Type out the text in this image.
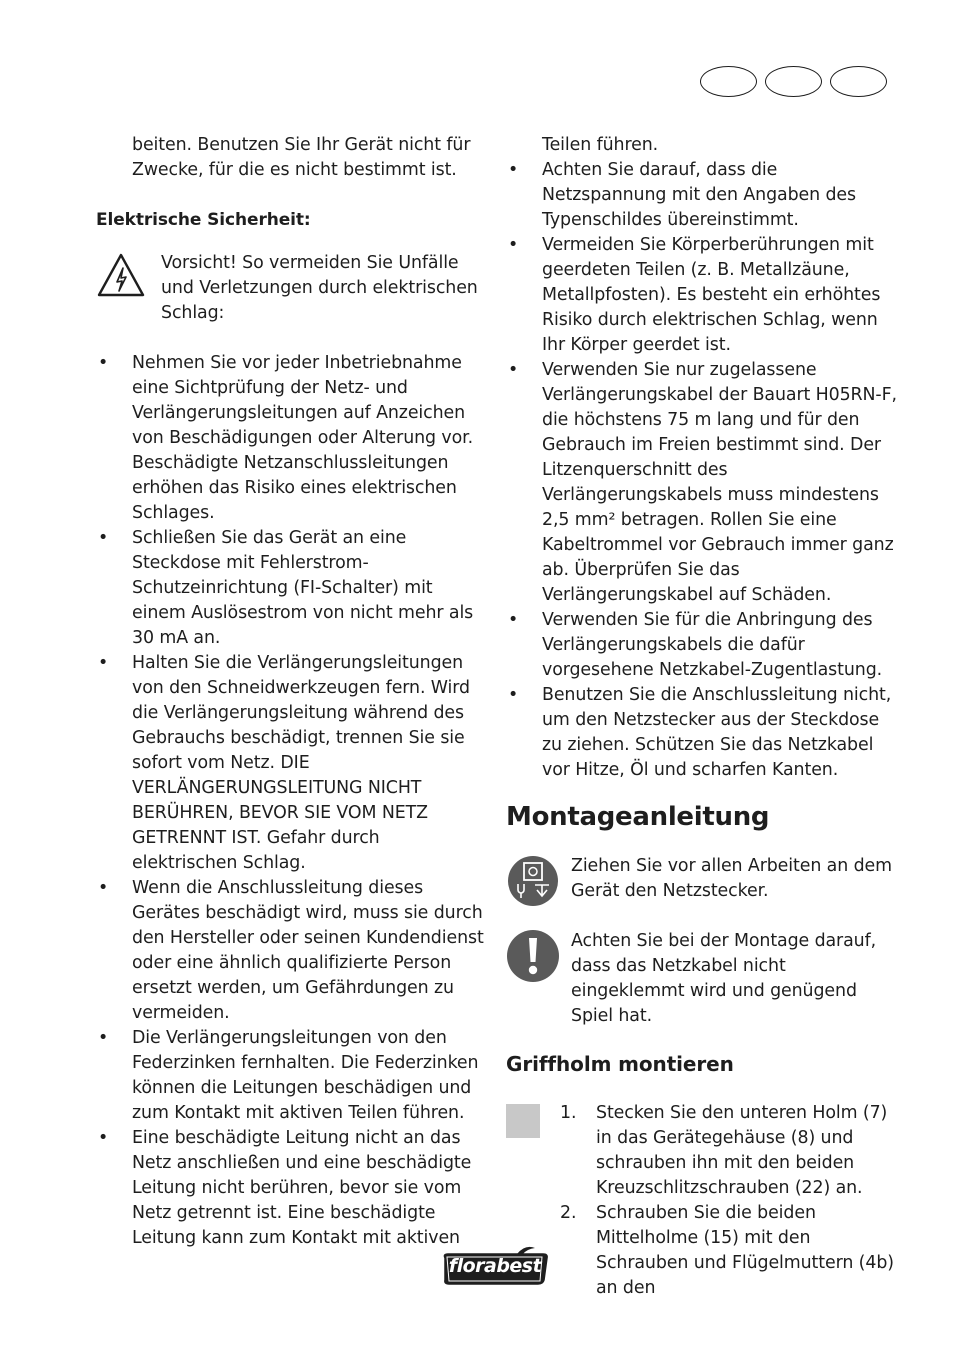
beiten. Benutzen Sie Ihr Gerät nicht für Zwecke, für die es nicht bestimmt ist.

Elektrische Sicherheit:

Vorsicht! So vermeiden Sie Unfälle und Verletzungen durch elektrischen Schlag:

• Nehmen Sie vor jeder Inbetriebnahme eine Sichtprüfung der Netz- und Verlängerungsleitungen auf Anzeichen von Beschädigungen oder Alterung vor. Beschädigte Netzanschlussleitungen erhöhen das Risiko eines elektrischen Schlages.
• Schließen Sie das Gerät an eine Steckdose mit Fehlerstrom-Schutzeinrichtung (FI-Schalter) mit einem Auslösestrom von nicht mehr als 30 mA an.
• Halten Sie die Verlängerungsleitungen von den Schneidwerkzeugen fern. Wird die Verlängerungsleitung während des Gebrauchs beschädigt, trennen Sie sie sofort vom Netz. DIE VERLÄNGERUNGSLEITUNG NICHT BERÜHREN, BEVOR SIE VOM NETZ GETRENNT IST. Gefahr durch elektrischen Schlag.
• Wenn die Anschlussleitung dieses Gerätes beschädigt wird, muss sie durch den Hersteller oder seinen Kundendienst oder eine ähnlich qualifizierte Person ersetzt werden, um Gefährdungen zu vermeiden.
• Die Verlängerungsleitungen von den Federzinken fernhalten. Die Federzinken können die Leitungen beschädigen und zum Kontakt mit aktiven Teilen führen.
• Eine beschädigte Leitung nicht an das Netz anschließen und eine beschädigte Leitung nicht berühren, bevor sie vom Netz getrennt ist. Eine beschädigte Leitung kann zum Kontakt mit aktiven

Teilen führen.

• Achten Sie darauf, dass die Netzspannung mit den Angaben des Typenschildes übereinstimmt.
• Vermeiden Sie Körperberührungen mit geerdeten Teilen (z. B. Metallzäune, Metallpfosten). Es besteht ein erhöhtes Risiko durch elektrischen Schlag, wenn Ihr Körper geerdet ist.
• Verwenden Sie nur zugelassene Verlängerungskabel der Bauart H05RN-F, die höchstens 75 m lang und für den Gebrauch im Freien bestimmt sind. Der Litzenquerschnitt des Verlängerungskabels muss mindestens 2,5 mm² betragen. Rollen Sie eine Kabeltrommel vor Gebrauch immer ganz ab. Überprüfen Sie das Verlängerungskabel auf Schäden.
• Verwenden Sie für die Anbringung des Verlängerungskabels die dafür vorgesehene Netzkabel-Zugentlastung.
• Benutzen Sie die Anschlussleitung nicht, um den Netzstecker aus der Steckdose zu ziehen. Schützen Sie das Netzkabel vor Hitze, Öl und scharfen Kanten.
Montageanleitung

Ziehen Sie vor allen Arbeiten an dem Gerät den Netzstecker.

Achten Sie bei der Montage darauf, dass das Netzkabel nicht eingeklemmt wird und genügend Spiel hat.

Griffholm montieren
1. Stecken Sie den unteren Holm (7) in das Gerätegehäuse (8) und schrauben ihn mit den beiden Kreuzschlitzschrauben (22) an.
2. Schrauben Sie die beiden Mittelholme (15) mit den Schrauben und Flügelmuttern (4b) an den
florabest
